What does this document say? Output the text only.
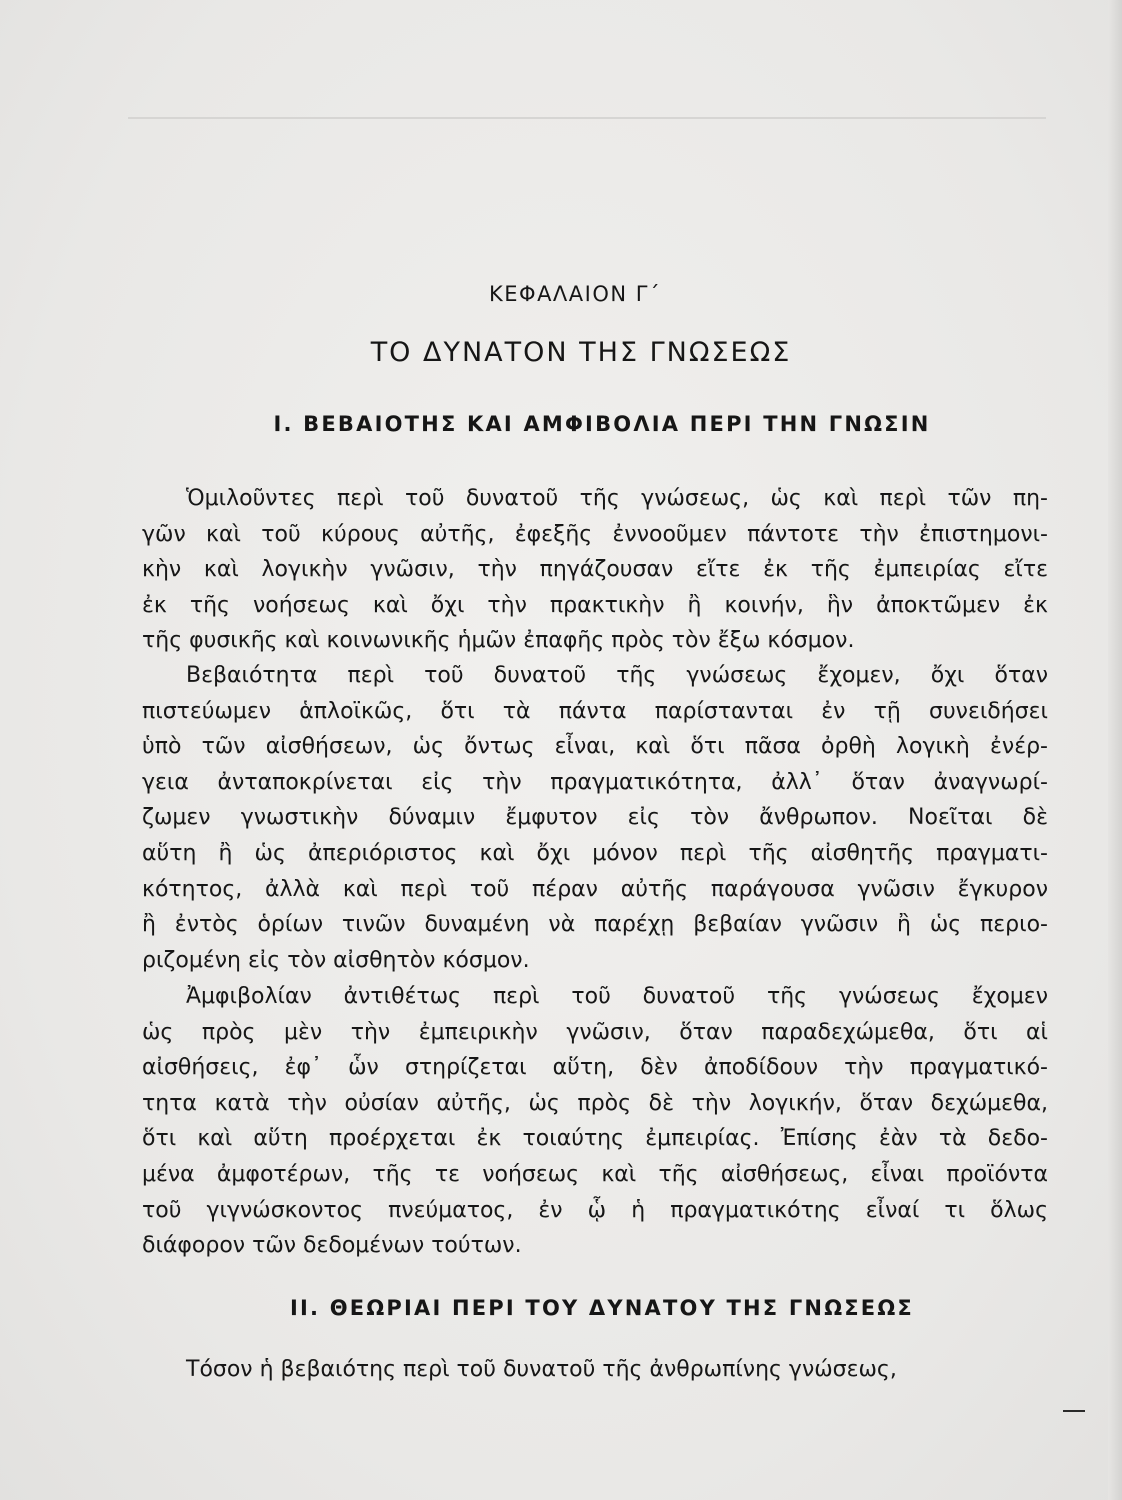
ΚΕΦΑΛΑΙΟΝ Γ΄
ΤΟ ΔΥΝΑΤΟΝ ΤΗΣ ΓΝΩΣΕΩΣ
Ι. ΒΕΒΑΙΟΤΗΣ ΚΑΙ ΑΜΦΙΒΟΛΙΑ ΠΕΡΙ ΤΗΝ ΓΝΩΣΙΝ
Ὁμιλοῦντες περὶ τοῦ δυνατοῦ τῆς γνώσεως, ὡς καὶ περὶ τῶν πη-
γῶν καὶ τοῦ κύρους αὐτῆς, ἐφεξῆς ἐννοοῦμεν πάντοτε τὴν ἐπιστημονι-
κὴν καὶ λογικὴν γνῶσιν, τὴν πηγάζουσαν εἴτε ἐκ τῆς ἐμπειρίας εἴτε
ἐκ τῆς νοήσεως καὶ ὄχι τὴν πρακτικὴν ἢ κοινήν, ἣν ἀποκτῶμεν ἐκ
τῆς φυσικῆς καὶ κοινωνικῆς ἡμῶν ἐπαφῆς πρὸς τὸν ἔξω κόσμον.
Βεβαιότητα περὶ τοῦ δυνατοῦ τῆς γνώσεως ἔχομεν, ὄχι ὅταν
πιστεύωμεν ἁπλοϊκῶς, ὅτι τὰ πάντα παρίστανται ἐν τῇ συνειδήσει
ὑπὸ τῶν αἰσθήσεων, ὡς ὄντως εἶναι, καὶ ὅτι πᾶσα ὀρθὴ λογικὴ ἐνέρ-
γεια ἀνταποκρίνεται εἰς τὴν πραγματικότητα, ἀλλ᾽ ὅταν ἀναγνωρί-
ζωμεν γνωστικὴν δύναμιν ἔμφυτον εἰς τὸν ἄνθρωπον. Νοεῖται δὲ
αὕτη ἢ ὡς ἀπεριόριστος καὶ ὄχι μόνον περὶ τῆς αἰσθητῆς πραγματι-
κότητος, ἀλλὰ καὶ περὶ τοῦ πέραν αὐτῆς παράγουσα γνῶσιν ἔγκυρον
ἢ ἐντὸς ὁρίων τινῶν δυναμένη νὰ παρέχῃ βεβαίαν γνῶσιν ἢ ὡς περιο-
ριζομένη εἰς τὸν αἰσθητὸν κόσμον.
Ἀμφιβολίαν ἀντιθέτως περὶ τοῦ δυνατοῦ τῆς γνώσεως ἔχομεν
ὡς πρὸς μὲν τὴν ἐμπειρικὴν γνῶσιν, ὅταν παραδεχώμεθα, ὅτι αἱ
αἰσθήσεις, ἐφ᾽ ὧν στηρίζεται αὕτη, δὲν ἀποδίδουν τὴν πραγματικό-
τητα κατὰ τὴν οὐσίαν αὐτῆς, ὡς πρὸς δὲ τὴν λογικήν, ὅταν δεχώμεθα,
ὅτι καὶ αὕτη προέρχεται ἐκ τοιαύτης ἐμπειρίας. Ἐπίσης ἐὰν τὰ δεδο-
μένα ἀμφοτέρων, τῆς τε νοήσεως καὶ τῆς αἰσθήσεως, εἶναι προϊόντα
τοῦ γιγνώσκοντος πνεύματος, ἐν ᾧ ἡ πραγματικότης εἶναί τι ὅλως
διάφορον τῶν δεδομένων τούτων.
ΙΙ. ΘΕΩΡΙΑΙ ΠΕΡΙ ΤΟΥ ΔΥΝΑΤΟΥ ΤΗΣ ΓΝΩΣΕΩΣ
Τόσον ἡ βεβαιότης περὶ τοῦ δυνατοῦ τῆς ἀνθρωπίνης γνώσεως,
